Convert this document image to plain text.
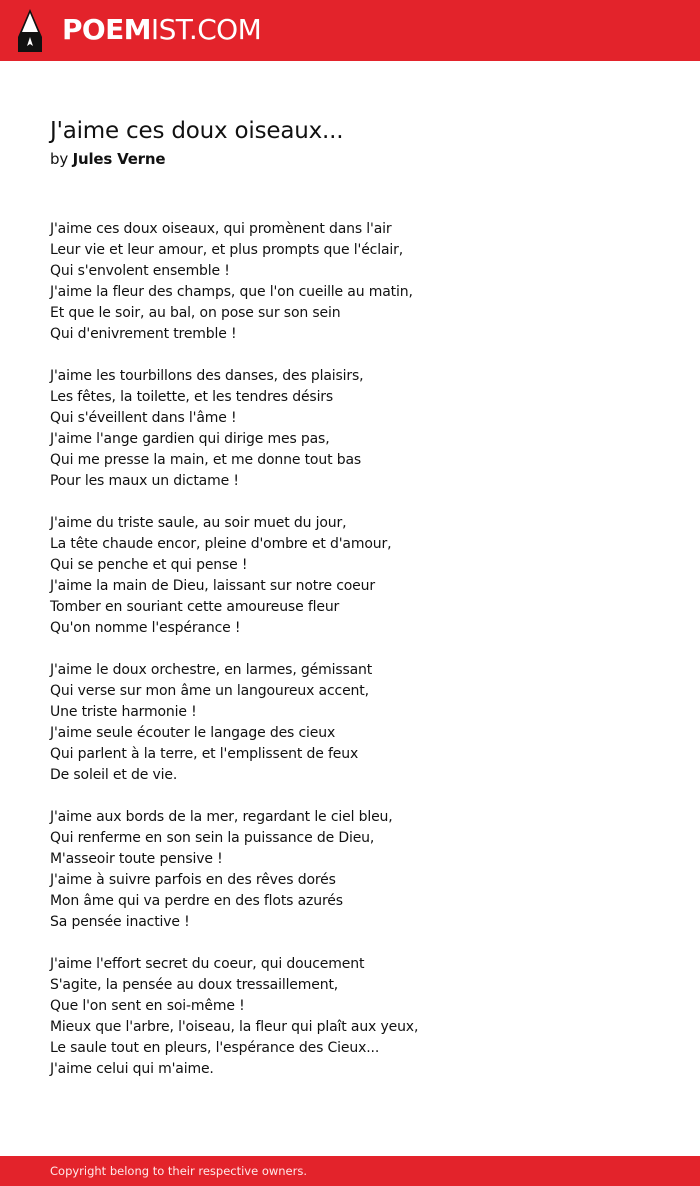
POEMIST.COM
J'aime ces doux oiseaux...
by Jules Verne
J'aime ces doux oiseaux, qui promènent dans l'air
Leur vie et leur amour, et plus prompts que l'éclair,
Qui s'envolent ensemble !
J'aime la fleur des champs, que l'on cueille au matin,
Et que le soir, au bal, on pose sur son sein
Qui d'enivrement tremble !
J'aime les tourbillons des danses, des plaisirs,
Les fêtes, la toilette, et les tendres désirs
Qui s'éveillent dans l'âme !
J'aime l'ange gardien qui dirige mes pas,
Qui me presse la main, et me donne tout bas
Pour les maux un dictame !
J'aime du triste saule, au soir muet du jour,
La tête chaude encor, pleine d'ombre et d'amour,
Qui se penche et qui pense !
J'aime la main de Dieu, laissant sur notre coeur
Tomber en souriant cette amoureuse fleur
Qu'on nomme l'espérance !
J'aime le doux orchestre, en larmes, gémissant
Qui verse sur mon âme un langoureux accent,
Une triste harmonie !
J'aime seule écouter le langage des cieux
Qui parlent à la terre, et l'emplissent de feux
De soleil et de vie.
J'aime aux bords de la mer, regardant le ciel bleu,
Qui renferme en son sein la puissance de Dieu,
M'asseoir toute pensive !
J'aime à suivre parfois en des rêves dorés
Mon âme qui va perdre en des flots azurés
Sa pensée inactive !
J'aime l'effort secret du coeur, qui doucement
S'agite, la pensée au doux tressaillement,
Que l'on sent en soi-même !
Mieux que l'arbre, l'oiseau, la fleur qui plaît aux yeux,
Le saule tout en pleurs, l'espérance des Cieux...
J'aime celui qui m'aime.
Copyright belong to their respective owners.
